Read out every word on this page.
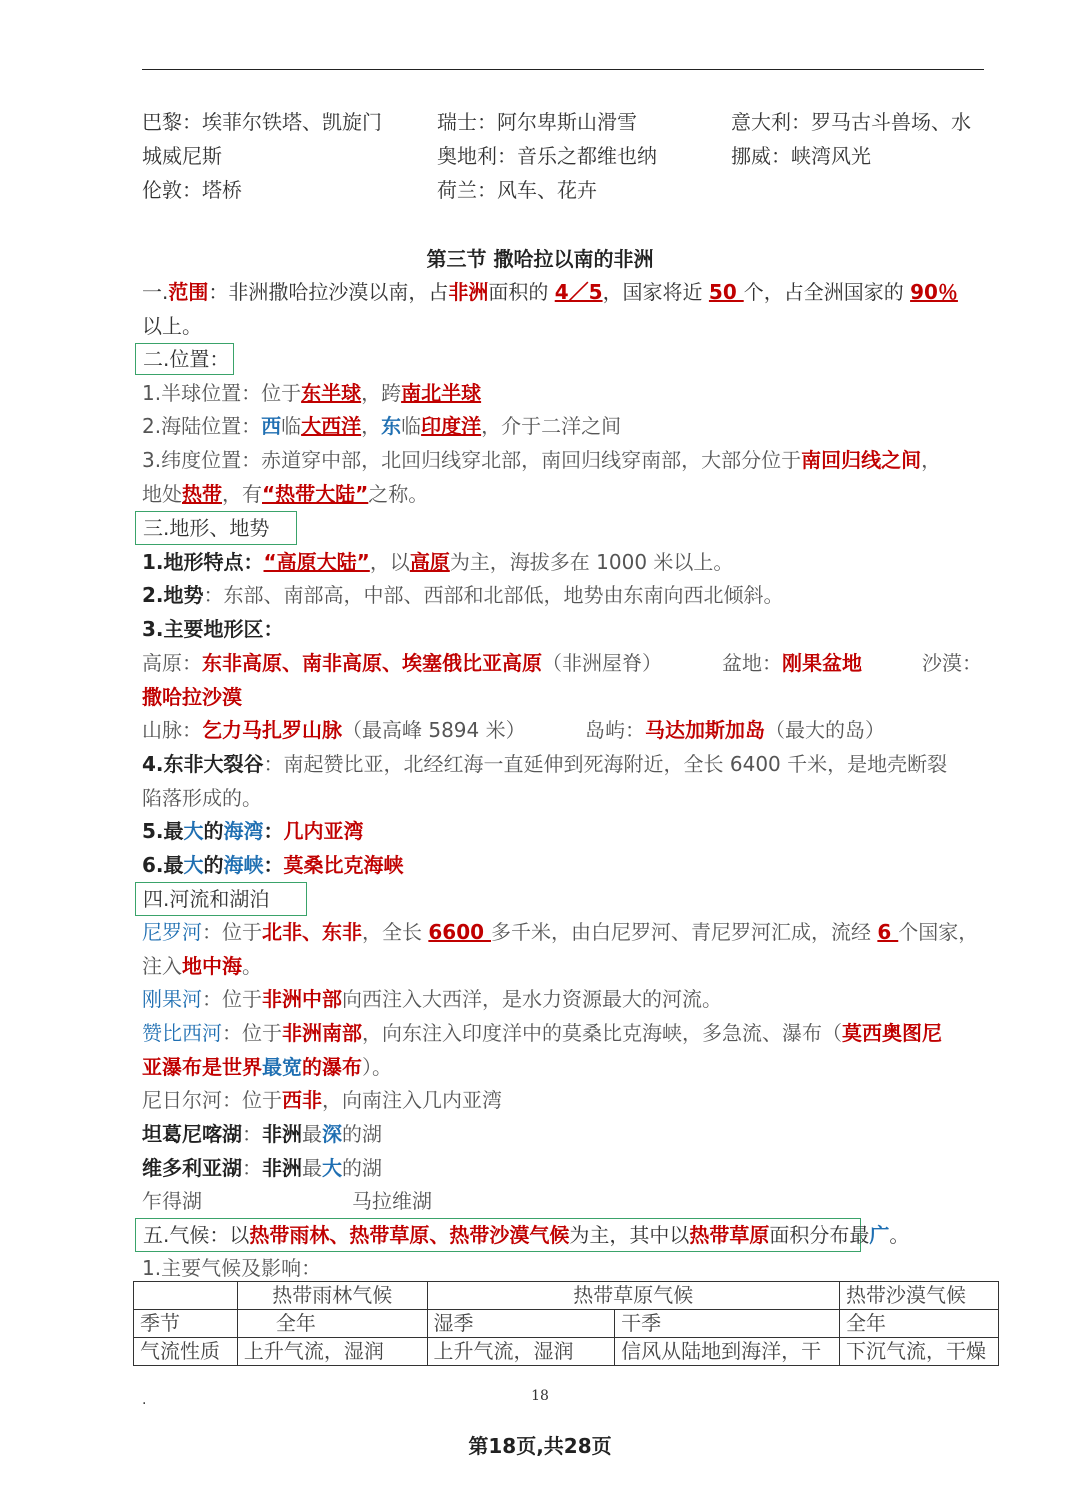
巴黎：埃菲尔铁塔、凯旋门	瑞士：阿尔卑斯山滑雪	意大利：罗马古斗兽场、水
城威尼斯	奥地利：音乐之都维也纳	挪威：峡湾风光
伦敦：塔桥	荷兰：风车、花卉
第三节 撒哈拉以南的非洲
一.范围：非洲撒哈拉沙漠以南，占非洲面积的 4／5，国家将近 50 个，占全洲国家的 90％
以上。
二.位置：
1.半球位置：位于东半球，跨南北半球
2.海陆位置：西临大西洋，东临印度洋，介于二洋之间
3.纬度位置：赤道穿中部，北回归线穿北部，南回归线穿南部，大部分位于南回归线之间，
地处热带，有“热带大陆”之称。
三.地形、地势
1.地形特点：“高原大陆”，以高原为主，海拔多在 1000 米以上。
2.地势：东部、南部高，中部、西部和北部低，地势由东南向西北倾斜。
3.主要地形区：
高原：东非高原、南非高原、埃塞俄比亚高原（非洲屋脊）	盆地：刚果盆地	沙漠：
撒哈拉沙漠
山脉：乞力马扎罗山脉（最高峰 5894 米）	岛屿：马达加斯加岛（最大的岛）
4.东非大裂谷：南起赞比亚，北经红海一直延伸到死海附近，全长 6400 千米，是地壳断裂
陷落形成的。
5.最大的海湾：几内亚湾
6.最大的海峡：莫桑比克海峡
四.河流和湖泊
尼罗河：位于北非、东非，全长 6600 多千米，由白尼罗河、青尼罗河汇成，流经 6 个国家，
注入地中海。
刚果河：位于非洲中部向西注入大西洋，是水力资源最大的河流。
赞比西河：位于非洲南部，向东注入印度洋中的莫桑比克海峡，多急流、瀑布（莫西奥图尼
亚瀑布是世界最宽的瀑布）。
尼日尔河：位于西非，向南注入几内亚湾
坦葛尼喀湖：非洲最深的湖
维多利亚湖：非洲最大的湖
乍得湖	马拉维湖
五.气候：以热带雨林、热带草原、热带沙漠气候为主，其中以热带草原面积分布最广。
1.主要气候及影响：
	热带雨林气候	热带草原气候		热带沙漠气候
季节	全年	湿季	干季	全年
气流性质	上升气流，湿润	上升气流，湿润	信风从陆地到海洋，干	下沉气流，干燥
.	18
第18页,共28页
